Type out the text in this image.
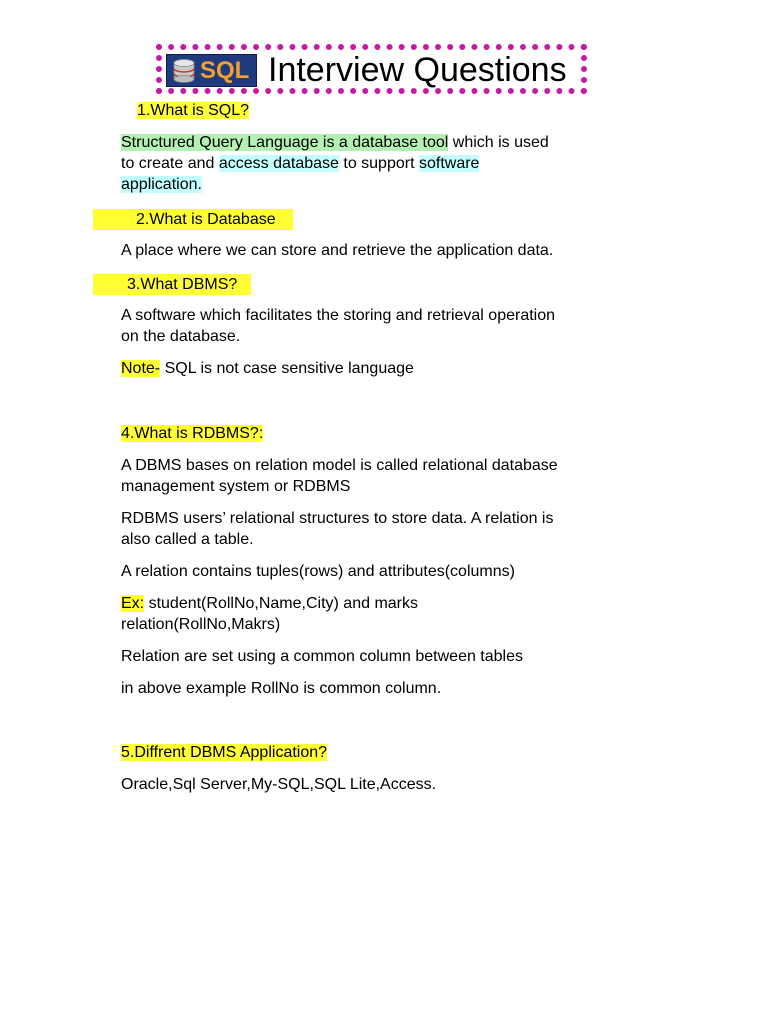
SQL Interview Questions
1.What is SQL?
Structured Query Language is a database tool which is used
to create and access database to support software
application.
2.What is Database
A place where we can store and retrieve the application data.
3.What DBMS?
A software which facilitates the storing and retrieval operation
on the database.
Note- SQL is not case sensitive language
4.What is RDBMS?:
A DBMS bases on relation model is called relational database
management system or RDBMS
RDBMS users’ relational structures to store data. A relation is
also called a table.
A relation contains tuples(rows) and attributes(columns)
Ex: student(RollNo,Name,City) and marks
relation(RollNo,Makrs)
Relation are set using a common column between tables
in above example RollNo is common column.
5.Diffrent DBMS Application?
Oracle,Sql Server,My-SQL,SQL Lite,Access.
